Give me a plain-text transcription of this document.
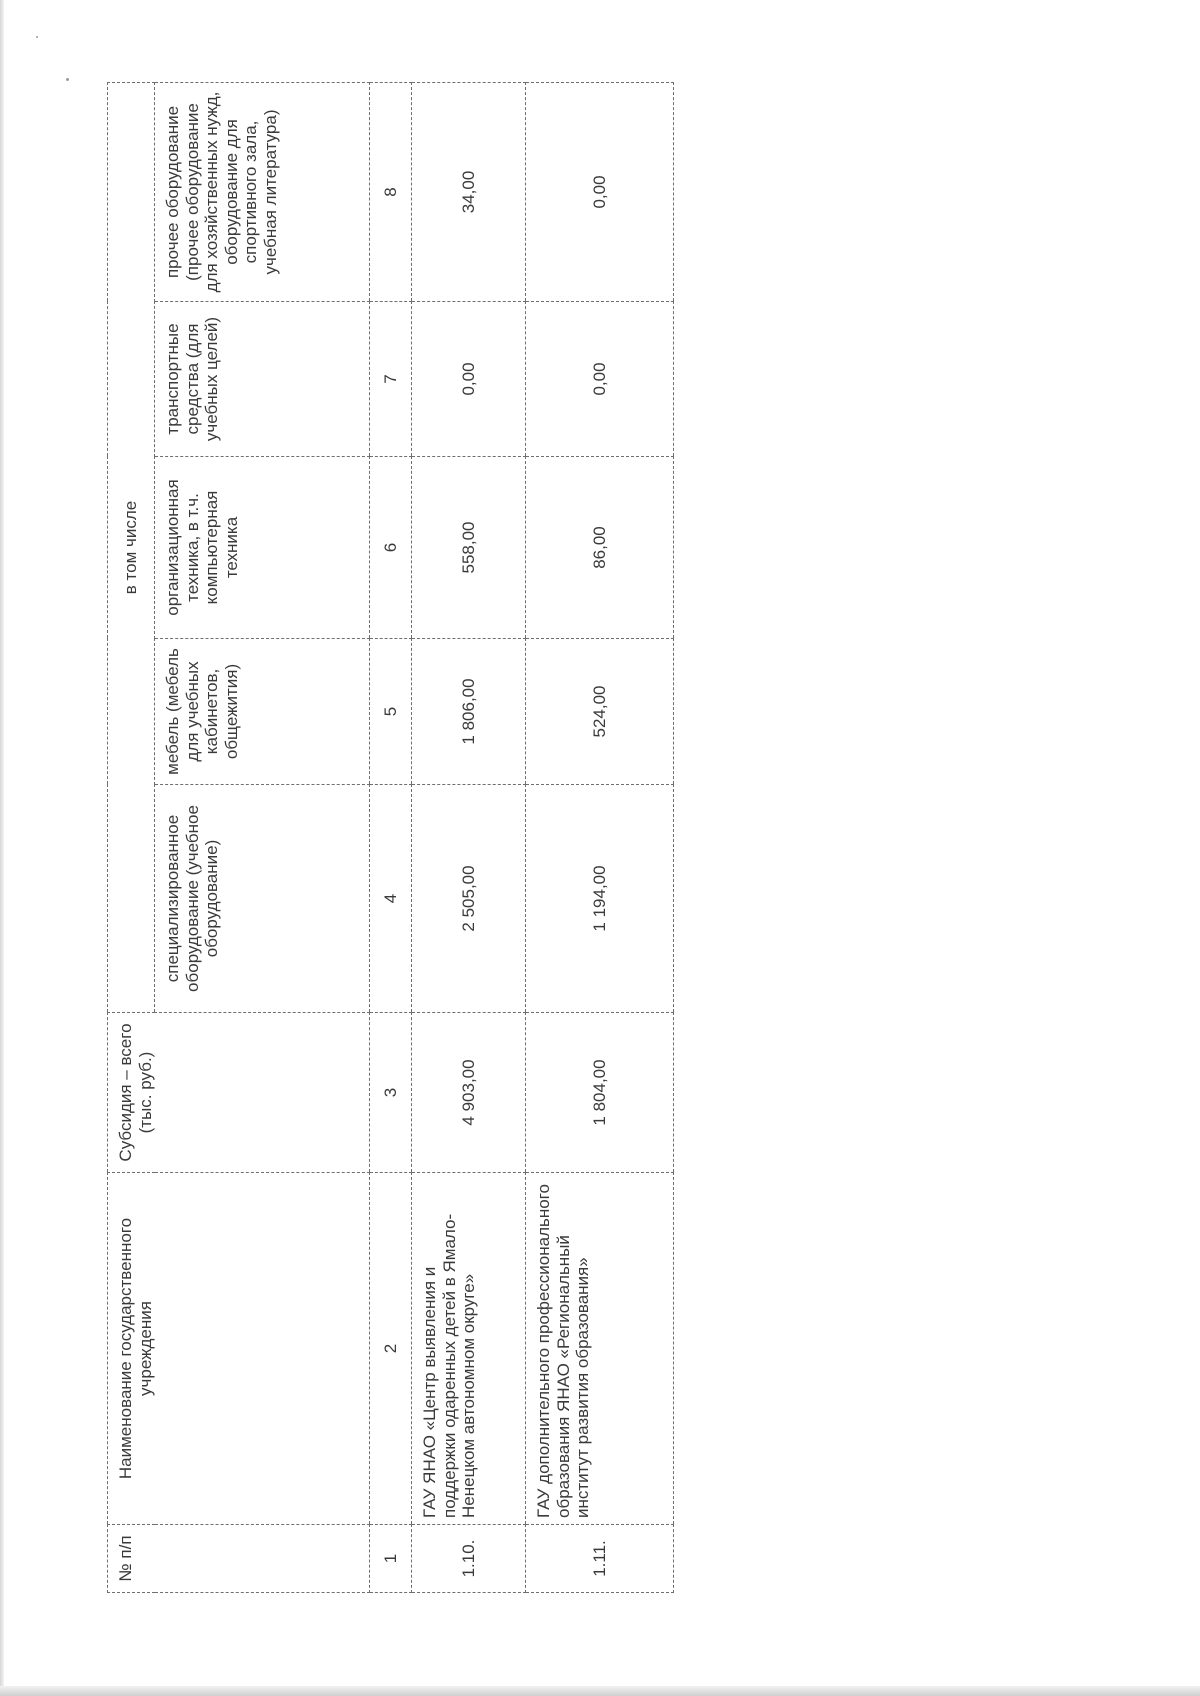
№ п/п	Наименование государственного учреждения	Субсидия – всего (тыс. руб.)	в том числе				
			специализированное оборудование (учебное оборудование)	мебель (мебель для учебных кабинетов, общежития)	организационная техника, в т.ч. компьютерная техника	транспортные средства (для учебных целей)	прочее оборудование (прочее оборудование для хозяйственных нужд, оборудование для спортивного зала, учебная литература)
1	2	3	4	5	6	7	8
1.10.	ГАУ ЯНАО «Центр выявления и поддержки одаренных детей в Ямало-Ненецком автономном округе»	4 903,00	2 505,00	1 806,00	558,00	0,00	34,00
1.11.	ГАУ дополнительного профессионального образования ЯНАО «Региональный институт развития образования»	1 804,00	1 194,00	524,00	86,00	0,00	0,00
